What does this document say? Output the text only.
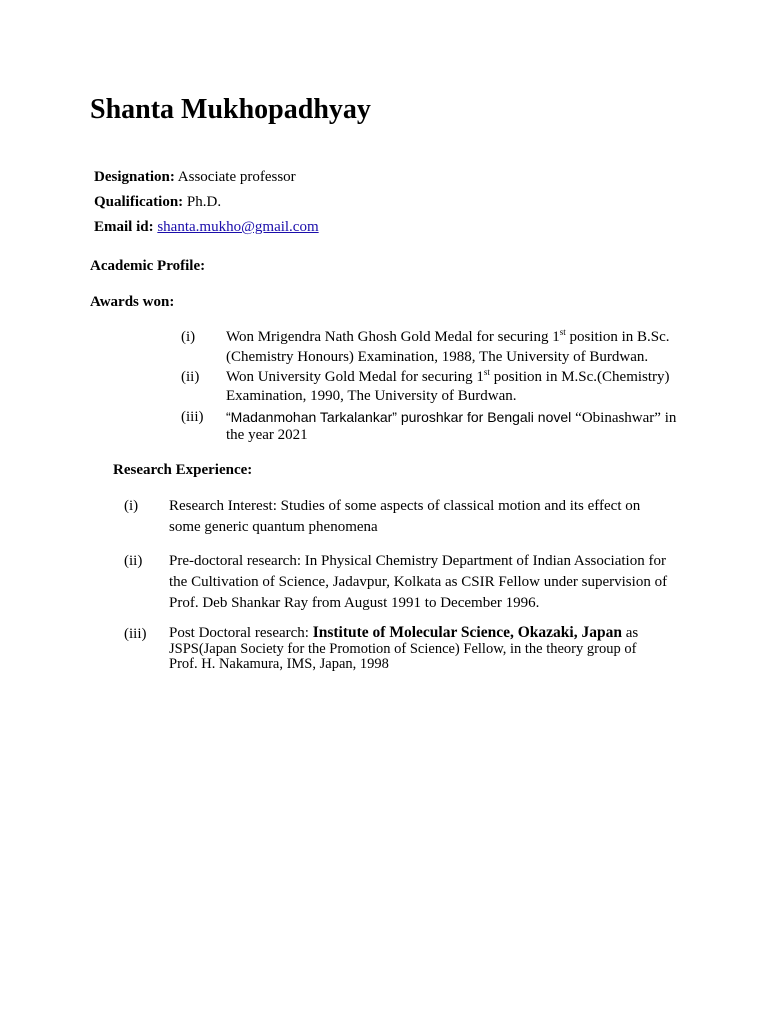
Shanta Mukhopadhyay
Designation: Associate professor
Qualification: Ph.D.
Email id: shanta.mukho@gmail.com
Academic Profile:
Awards won:
(i) Won Mrigendra Nath Ghosh Gold Medal for securing 1st position in B.Sc.
(Chemistry Honours) Examination, 1988, The University of Burdwan.
(ii) Won University Gold Medal for securing 1st position in M.Sc.(Chemistry)
Examination, 1990, The University of Burdwan.
(iii) “Madanmohan Tarkalankar” puroshkar for Bengali novel “Obinashwar” in
the year 2021
Research Experience:
(i) Research Interest: Studies of some aspects of classical motion and its effect on
some generic quantum phenomena
(ii) Pre-doctoral research: In Physical Chemistry Department of Indian Association for
the Cultivation of Science, Jadavpur, Kolkata as CSIR Fellow under supervision of
Prof. Deb Shankar Ray from August 1991 to December 1996.
(iii) Post Doctoral research: Institute of Molecular Science, Okazaki, Japan as
JSPS(Japan Society for the Promotion of Science) Fellow, in the theory group of
Prof. H. Nakamura, IMS, Japan, 1998
